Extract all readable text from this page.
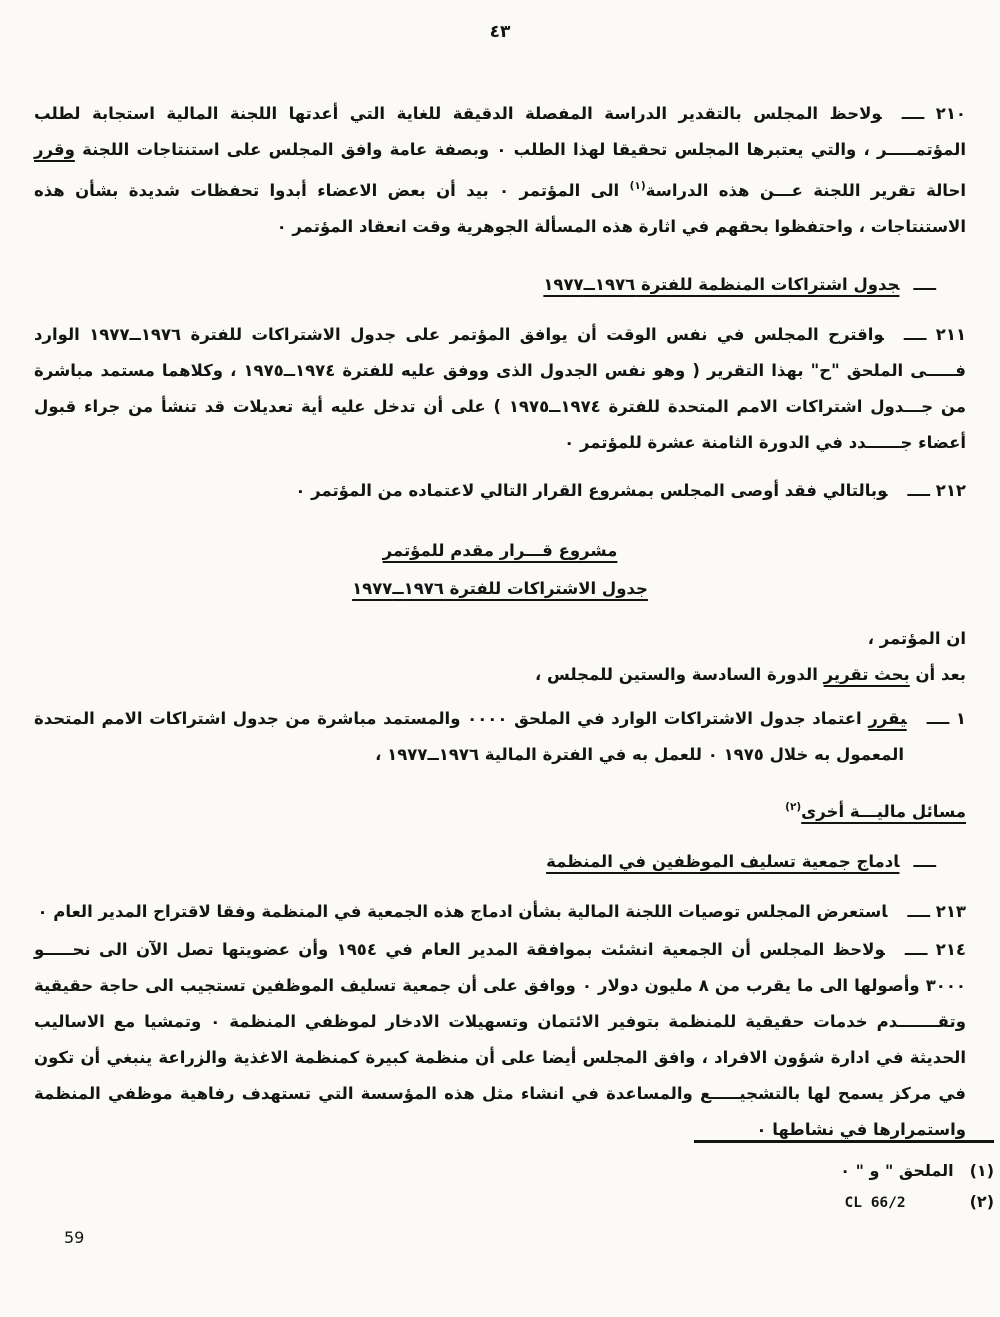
٤٣

٢١٠ ــــولاحظ المجلس بالتقدير الدراسة المفصلة الدقيقة للغاية التي أعدتها اللجنة المالية استجابة لطلب المؤتمـــــر ، والتي يعتبرها المجلس تحقيقا لهذا الطلب ٠ وبصفة عامة وافق المجلس على استنتاجات اللجنة وقرر احالة تقرير اللجنة عـــن هذه الدراسة$^{(١)}$ الى المؤتمر ٠ بيد أن بعض الاعضاء أبدوا تحفظات شديدة بشأن هذه الاستنتاجات ، واحتفظوا بحقهم في اثارة هذه المسألة الجوهرية وقت انعقاد المؤتمر ٠

ــــجدول اشتراكات المنظمة للفترة ١٩٧٦ــ١٩٧٧

٢١١ ــــواقترح المجلس في نفس الوقت أن يوافق المؤتمر على جدول الاشتراكات للفترة ١٩٧٦ــ١٩٧٧ الوارد فـــــى الملحق "ح" بهذا التقرير ( وهو نفس الجدول الذى ووفق عليه للفترة ١٩٧٤ــ١٩٧٥ ، وكلاهما مستمد مباشرة من جـــدول اشتراكات الامم المتحدة للفترة ١٩٧٤ــ١٩٧٥ ) على أن تدخل عليه أية تعديلات قد تنشأ من جراء قبول أعضاء جــــــدد في الدورة الثامنة عشرة للمؤتمر ٠

٢١٢ ــــوبالتالي فقد أوصى المجلس بمشروع القرار التالي لاعتماده من المؤتمر ٠

مشروع قـــرار مقدم للمؤتمر

جدول الاشتراكات للفترة ١٩٧٦ــ١٩٧٧

ان المؤتمر ،

بعد أن بحث تقرير الدورة السادسة والستين للمجلس ،

١ ــــيقرر اعتماد جدول الاشتراكات الوارد في الملحق ٠٠٠٠ والمستمد مباشرة من جدول اشتراكات الامم المتحدة المعمول به خلال ١٩٧٥ ٠ للعمل به في الفترة المالية ١٩٧٦ــ١٩٧٧ ،

مسائل ماليـــة أخرى$^{(٢)}$

ــــادماج جمعية تسليف الموظفين في المنظمة

٢١٣ ــــاستعرض المجلس توصيات اللجنة المالية بشأن ادماج هذه الجمعية في المنظمة وفقا لاقتراح المدير العام ٠

٢١٤ ــــولاحظ المجلس أن الجمعية انشئت بموافقة المدير العام في ١٩٥٤ وأن عضويتها تصل الآن الى نحـــــو ٣٠٠٠ وأصولها الى ما يقرب من ٨ مليون دولار ٠ ووافق على أن جمعية تسليف الموظفين تستجيب الى حاجة حقيقية وتقـــــــدم خدمات حقيقية للمنظمة بتوفير الائتمان وتسهيلات الادخار لموظفي المنظمة ٠ وتمشيا مع الاساليب الحديثة في ادارة شؤون الافراد ، وافق المجلس أيضا على أن منظمة كبيرة كمنظمة الاغذية والزراعة ينبغي أن تكون في مركز يسمح لها بالتشجيـــــع والمساعدة في انشاء مثل هذه المؤسسة التي تستهدف رفاهية موظفي المنظمة واستمرارها في نشاطها ٠

(١)الملحق " و " ٠
(٢)CL 66/2
59
